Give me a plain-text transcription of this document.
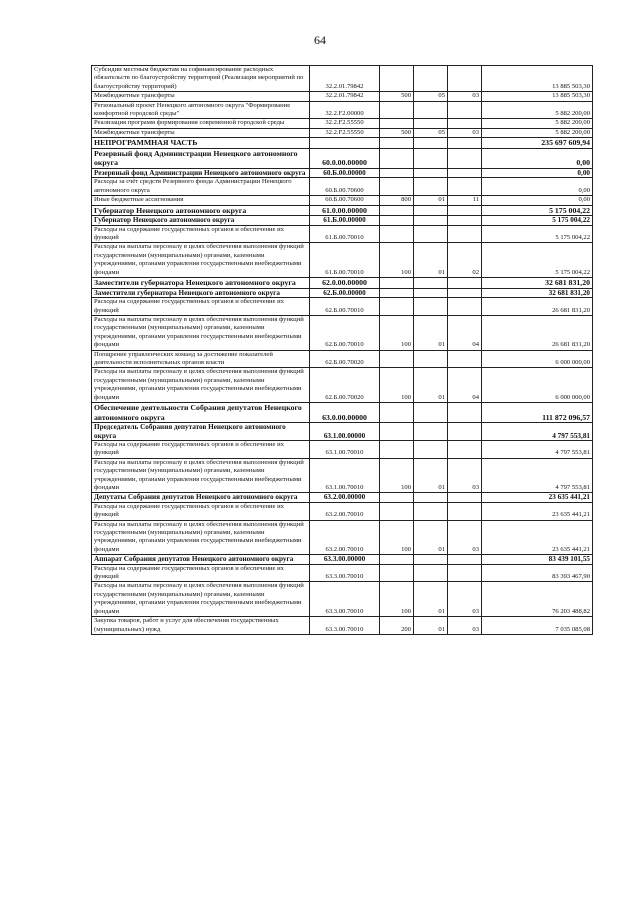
64
Субсидии местным бюджетам на софинансирование расходных обязательств по благоустройству территорий (Реализация мероприятий по благоустройству территорий)	32.2.01.79842				13 885 503,30
Межбюджетные трансферты	32.2.01.79842	500	05	03	13 885 503,30
Региональный проект Ненецкого автономного округа "Формирование комфортной городской среды"	32.2.F2.00000				5 882 200,00
Реализация программ формирования современной городской среды	32.2.F2.55550				5 882 200,00
Межбюджетные трансферты	32.2.F2.55550	500	05	03	5 882 200,00
НЕПРОГРАММНАЯ ЧАСТЬ					235 697 609,94
Резервный фонд Администрации Ненецкого автономного округа	60.0.00.00000				0,00
Резервный фонд Администрации Ненецкого автономного округа	60.Б.00.00000				0,00
Расходы за счёт средств Резервного фонда Администрации Ненецкого автономного округа	60.Б.00.70600				0,00
Иные бюджетные ассигнования	60.Б.00.70600	800	01	11	0,00
Губернатор Ненецкого автономного округа	61.0.00.00000				5 175 004,22
Губернатор Ненецкого автономного округа	61.Б.00.00000				5 175 004,22
Расходы на содержание государственных органов и обеспечение их функций	61.Б.00.70010				5 175 004,22
Расходы на выплаты персоналу в целях обеспечения выполнения функций государственными (муниципальными) органами, казенными учреждениями, органами управления государственными внебюджетными фондами	61.Б.00.70010	100	01	02	5 175 004,22
Заместители губернатора Ненецкого автономного округа	62.0.00.00000				32 681 831,20
Заместители губернатора Ненецкого автономного округа	62.Б.00.00000				32 681 831,20
Расходы на содержание государственных органов и обеспечение их функций	62.Б.00.70010				26 681 831,20
Расходы на выплаты персоналу в целях обеспечения выполнения функций государственными (муниципальными) органами, казенными учреждениями, органами управления государственными внебюджетными фондами	62.Б.00.70010	100	01	04	26 681 831,20
Поощрение управленческих команд за достижение показателей деятельности исполнительных органов власти	62.Б.00.70020				6 000 000,00
Расходы на выплаты персоналу в целях обеспечения выполнения функций государственными (муниципальными) органами, казенными учреждениями, органами управления государственными внебюджетными фондами	62.Б.00.70020	100	01	04	6 000 000,00
Обеспечение деятельности Собрания депутатов Ненецкого автономного округа	63.0.00.00000				111 872 096,57
Председатель Собрания депутатов Ненецкого автономного округа	63.1.00.00000				4 797 553,81
Расходы на содержание государственных органов и обеспечение их функций	63.1.00.70010				4 797 553,81
Расходы на выплаты персоналу в целях обеспечения выполнения функций государственными (муниципальными) органами, казенными учреждениями, органами управления государственными внебюджетными фондами	63.1.00.70010	100	01	03	4 797 553,81
Депутаты Собрания депутатов Ненецкого автономного округа	63.2.00.00000				23 635 441,21
Расходы на содержание государственных органов и обеспечение их функций	63.2.00.70010				23 635 441,21
Расходы на выплаты персоналу в целях обеспечения выполнения функций государственными (муниципальными) органами, казенными учреждениями, органами управления государственными внебюджетными фондами	63.2.00.70010	100	01	03	23 635 441,21
Аппарат Собрания депутатов Ненецкого автономного округа	63.3.00.00000				83 439 101,55
Расходы на содержание государственных органов и обеспечение их функций	63.3.00.70010				83 393 467,90
Расходы на выплаты персоналу в целях обеспечения выполнения функций государственными (муниципальными) органами, казенными учреждениями, органами управления государственными внебюджетными фондами	63.3.00.70010	100	01	03	76 203 488,82
Закупка товаров, работ и услуг для обеспечения государственных (муниципальных) нужд	63.3.00.70010	200	01	03	7 035 085,08
